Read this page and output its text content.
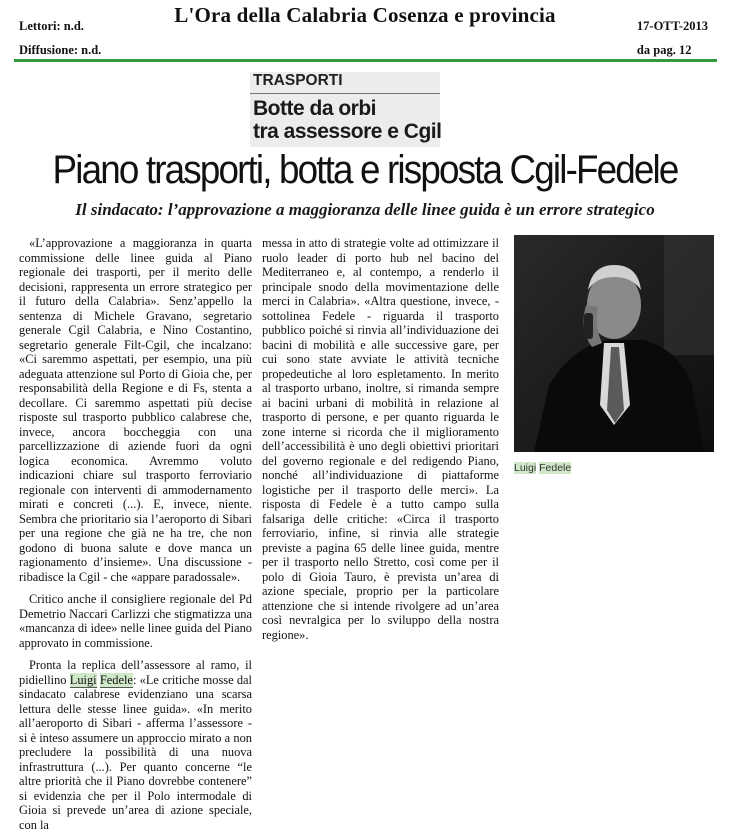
Lettori: n.d.
Diffusione: n.d.
L'Ora della Calabria Cosenza e provincia	17-OTT-2013
da pag. 12
TRASPORTI
Botte da orbi
tra assessore e Cgil
Piano trasporti, botta e risposta Cgil-Fedele
Il sindacato: l’approvazione a maggioranza delle linee guida è un errore strategico

«L’approvazione a maggioranza in quarta commissione delle linee guida al Piano regionale dei trasporti, per il merito delle decisioni, rappresenta un errore strategico per il futuro della Calabria». Senz’appello la sentenza di Michele Gravano, segretario generale Cgil Calabria, e Nino Costantino, segretario generale Filt-Cgil, che incalzano: «Ci saremmo aspettati, per esempio, una più adeguata attenzione sul Porto di Gioia che, per responsabilità della Regione e di Fs, stenta a decollare. Ci saremmo aspettati più decise risposte sul trasporto pubblico calabrese che, invece, ancora boccheggia con una parcellizzazione di aziende fuori da ogni logica economica. Avremmo voluto indicazioni chiare sul trasporto ferroviario regionale con interventi di ammodernamento mirati e concreti (...). E, invece, niente. Sembra che prioritario sia l’aeroporto di Sibari per una regione che già ne ha tre, che non godono di buona salute e dove manca un ragionamento d’insieme». Una discussione - ribadisce la Cgil - che «appare paradossale».

Critico anche il consigliere regionale del Pd Demetrio Naccari Carlizzi che stigmatizza una «mancanza di idee» nelle linee guida del Piano approvato in commissione.

Pronta la replica dell’assessore al ramo, il pidiellino Luigi Fedele: «Le critiche mosse dal sindacato calabrese evidenziano una scarsa lettura delle stesse linee guida». «In merito all’aeroporto di Sibari - afferma l’assessore - si è inteso assumere un approccio mirato a non precludere la possibilità di una nuova infrastruttura (...). Per quanto concerne “le altre priorità che il Piano dovrebbe contenere” si evidenzia che per il Polo intermodale di Gioia si prevede un’area di azione speciale, con la

messa in atto di strategie volte ad ottimizzare il ruolo leader di porto hub nel bacino del Mediterraneo e, al contempo, a renderlo il principale snodo della movimentazione delle merci in Calabria». «Altra questione, invece, - sottolinea Fedele - riguarda il trasporto pubblico poiché si rinvia all’individuazione dei bacini di mobilità e alle successive gare, per cui sono state avviate le attività tecniche propedeutiche al loro espletamento. In merito al trasporto urbano, inoltre, si rimanda sempre ai bacini urbani di mobilità in relazione al trasporto di persone, e per quanto riguarda le zone interne si ricorda che il miglioramento dell’accessibilità è uno degli obiettivi prioritari del governo regionale e del redigendo Piano, nonché all’individuazione di piattaforme logistiche per il trasporto delle merci». La risposta di Fedele è a tutto campo sulla falsariga delle critiche: «Circa il trasporto ferroviario, infine, si rinvia alle strategie previste a pagina 65 delle linee guida, mentre per il trasporto nello Stretto, così come per il polo di Gioia Tauro, è prevista un’area di azione speciale, proprio per la particolare attenzione che si intende rivolgere ad un’area così nevralgica per lo sviluppo della nostra regione».

Luigi Fedele
